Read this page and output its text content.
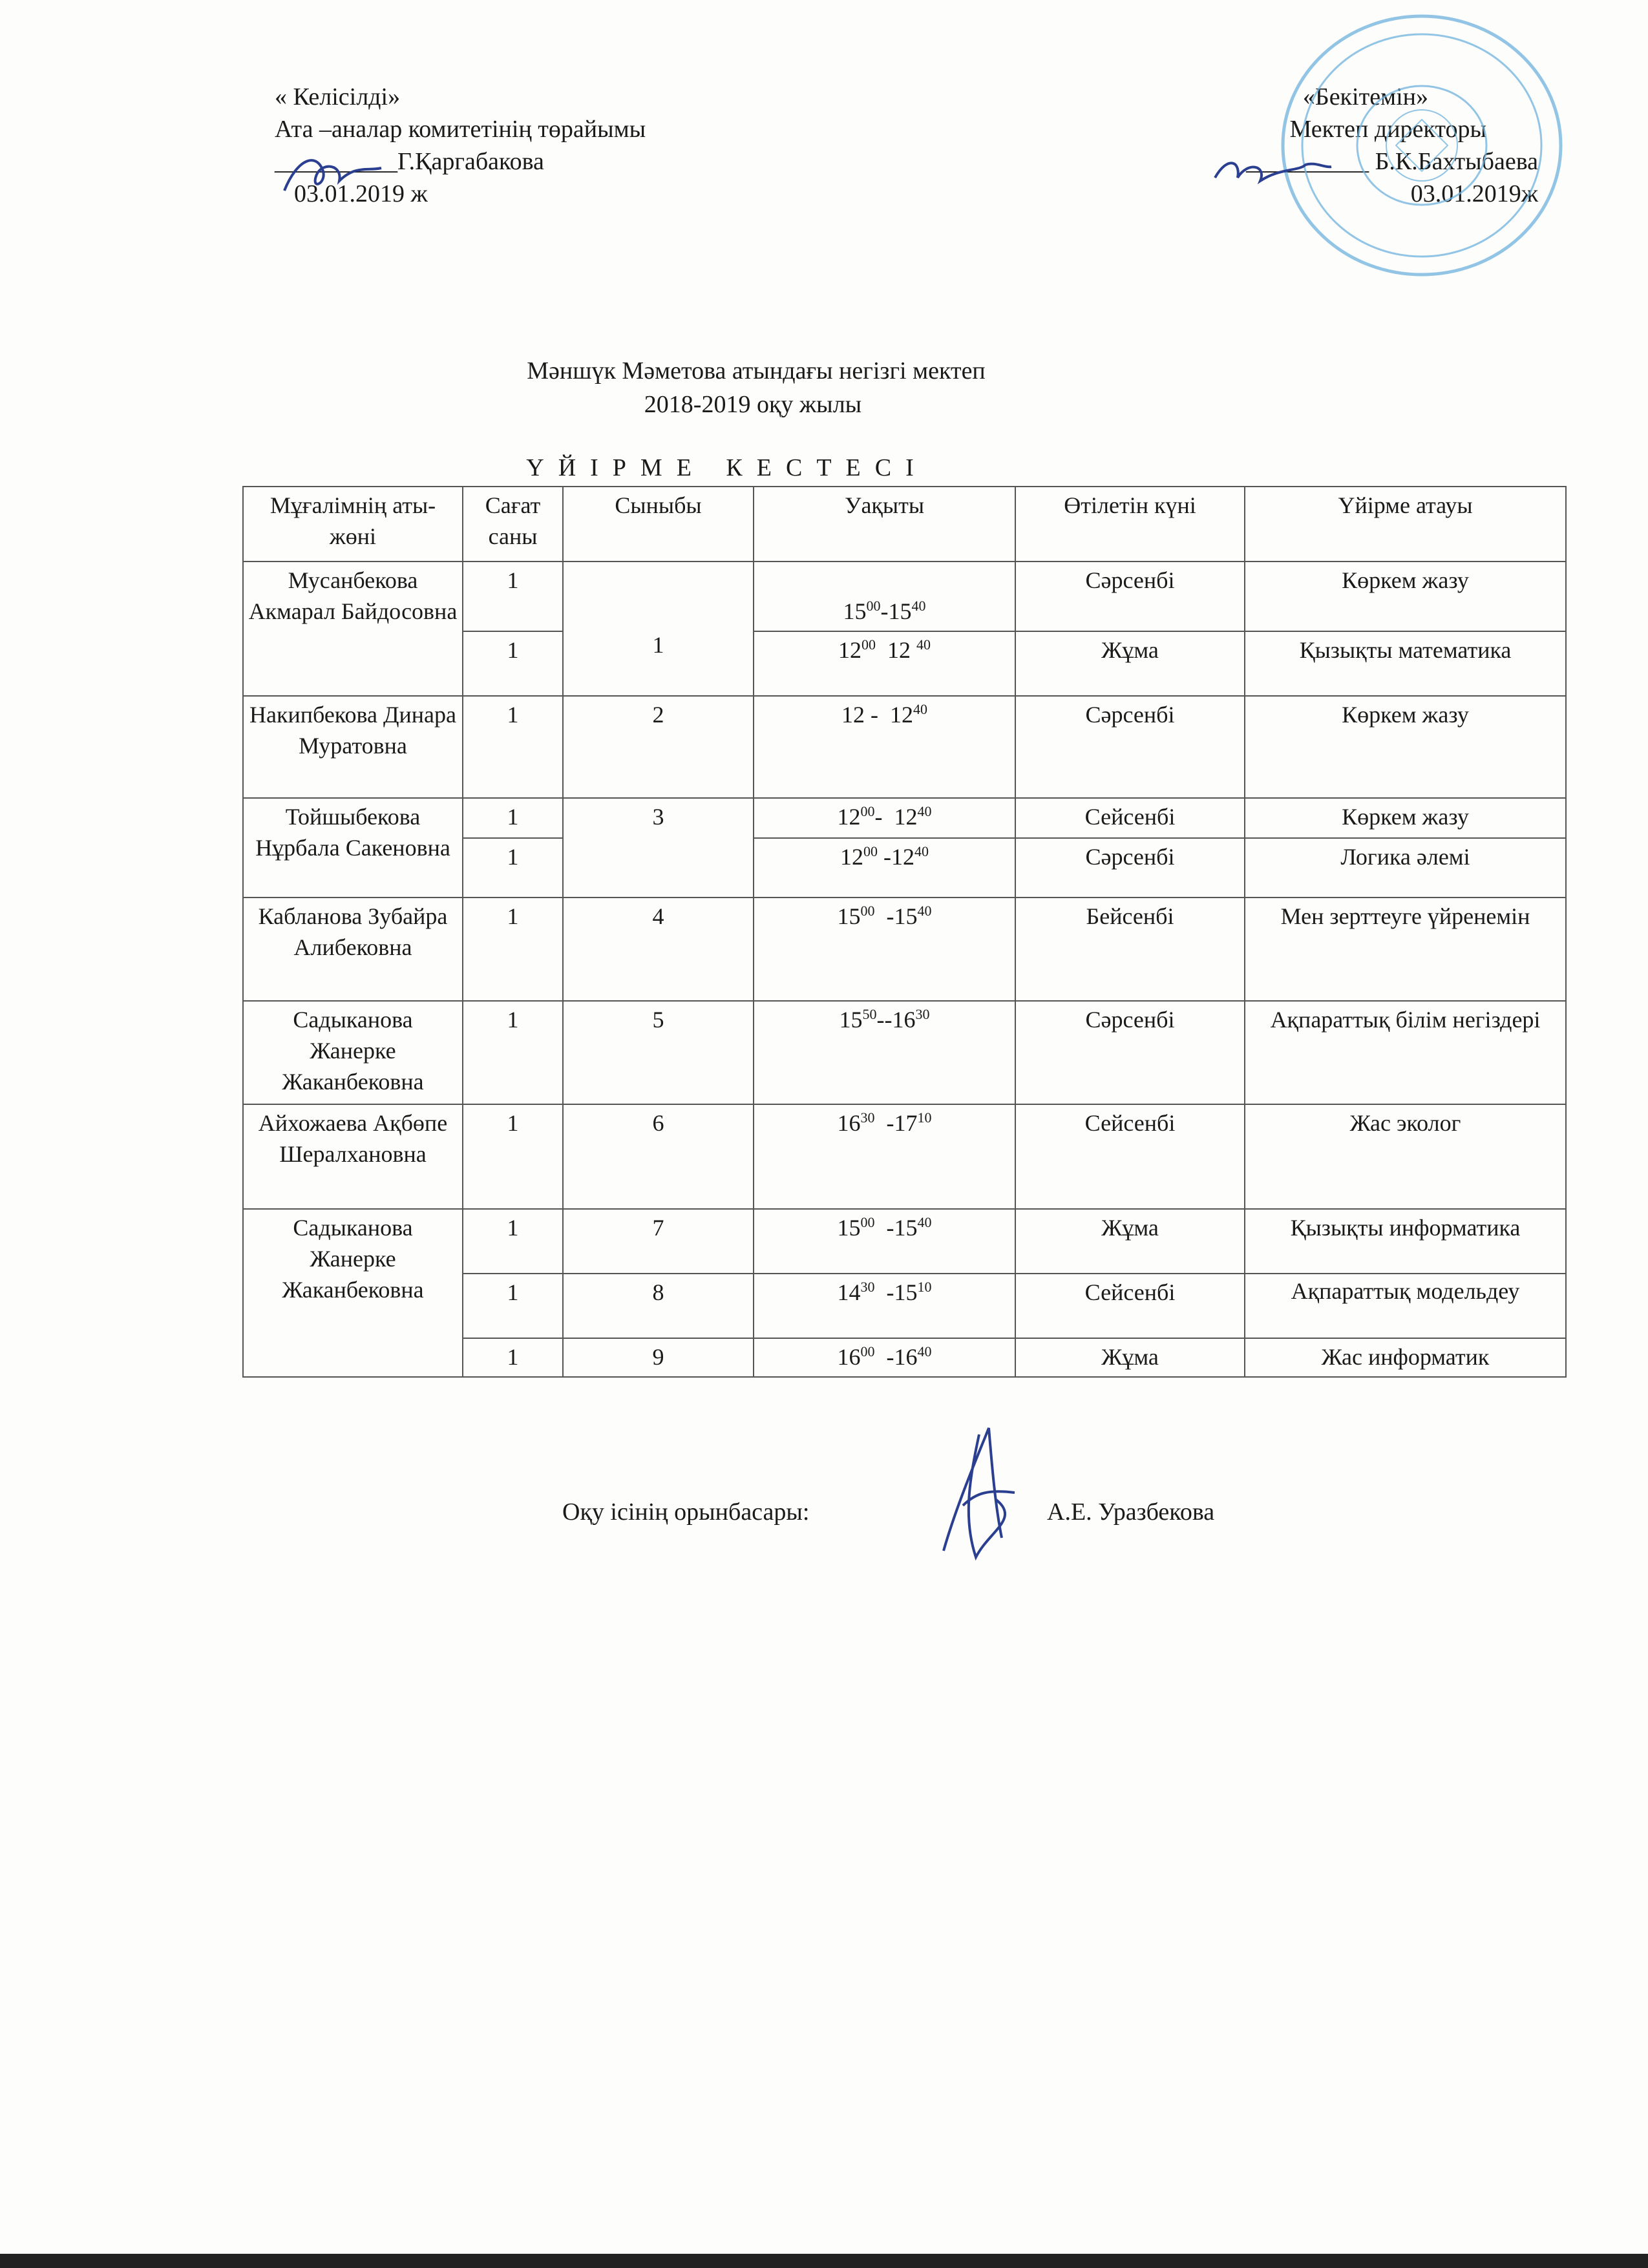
« Келісілді»
Ата –аналар комитетінің төрайымы
__________Г.Қаргабакова
03.01.2019 ж
«Бекітемін»
Мектеп директоры
__________ Б.К.Бахтыбаева
03.01.2019ж
Мәншүк Мәметова атындағы негізгі мектеп
2018-2019 оқу жылы
ҮЙІРМЕ КЕСТЕСІ
Мұғалімнің аты-жөні	Сағат саны	Сыныбы	Уақыты	Өтілетін күні	Үйірме атауы
Мусанбекова Акмарал Байдосовна	1	1	$15^{00}-15^{40}$	Сәрсенбі	Көркем жазу
	1		$12^{00}$ 12 $^{40}$	Жұма	Қызықты математика
Накипбекова Динара Муратовна	1	2	$12 - 12^{40}$	Сәрсенбі	Көркем жазу
Тойшыбекова Нұрбала Сакеновна	1	3	$12^{00}-$  $12^{40}$	Сейсенбі	Көркем жазу
	1		$12^{00}$ $-12^{40}$	Сәрсенбі	Логика әлемі
Кабланова Зубайра Алибековна	1	4	$15^{00}$  $-15^{40}$	Бейсенбі	Мен зерттеуге үйренемін
Садыканова Жанерке Жаканбековна	1	5	$15^{50}--16^{30}$	Сәрсенбі	Ақпараттық білім негіздері
Айхожаева Ақбөпе Шералхановна	1	6	$16^{30}$  $-17^{10}$	Сейсенбі	Жас эколог
Садыканова Жанерке Жаканбековна	1	7	$15^{00}$  $-15^{40}$	Жұма	Қызықты информатика
	1	8	$14^{30}$  $-15^{10}$	Сейсенбі	Ақпараттық модельдеу
	1	9	$16^{00}$  $-16^{40}$	Жұма	Жас информатик
Оқу ісінің орынбасары:	А.Е. Уразбекова
